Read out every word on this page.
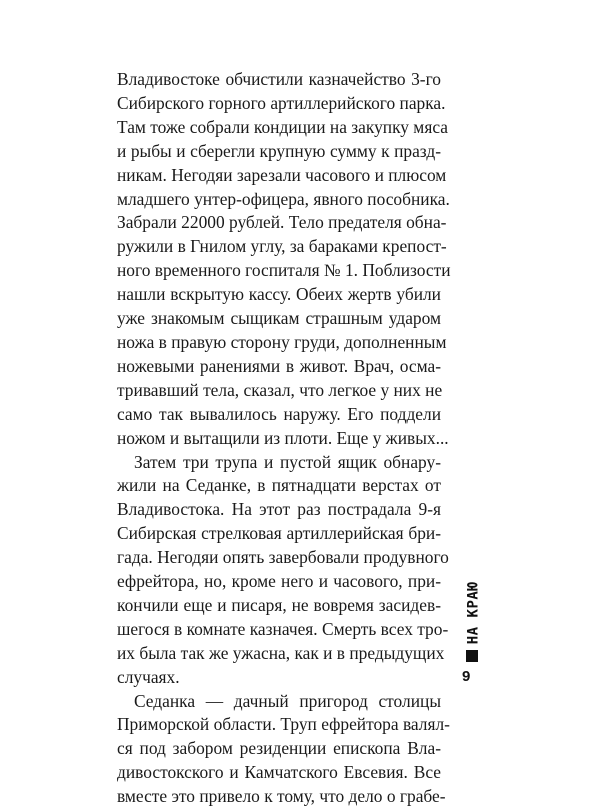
Владивостоке обчистили казначейство 3-го
Сибирского горного артиллерийского парка.
Там тоже собрали кондиции на закупку мяса
и рыбы и сберегли крупную сумму к празд-
никам. Негодяи зарезали часового и плюсом
младшего унтер-офицера, явного пособника.
Забрали 22000 рублей. Тело предателя обна-
ружили в Гнилом углу, за бараками крепост-
ного временного госпиталя № 1. Поблизости
нашли вскрытую кассу. Обеих жертв убили
уже знакомым сыщикам страшным ударом
ножа в правую сторону груди, дополненным
ножевыми ранениями в живот. Врач, осма-
тривавший тела, сказал, что легкое у них не
само так вывалилось наружу. Его поддели
ножом и вытащили из плоти. Еще у живых...
Затем три трупа и пустой ящик обнару-
жили на Седанке, в пятнадцати верстах от
Владивостока. На этот раз пострадала 9-я
Сибирская стрелковая артиллерийская бри-
гада. Негодяи опять завербовали продувного
ефрейтора, но, кроме него и часового, при-
кончили еще и писаря, не вовремя засидев-
шегося в комнате казначея. Смерть всех тро-
их была так же ужасна, как и в предыдущих
случаях.
Седанка — дачный пригород столицы
Приморской области. Труп ефрейтора валял-
ся под забором резиденции епископа Вла-
дивостокского и Камчатского Евсевия. Все
вместе это привело к тому, что дело о грабе-
НА КРАЮ
9
